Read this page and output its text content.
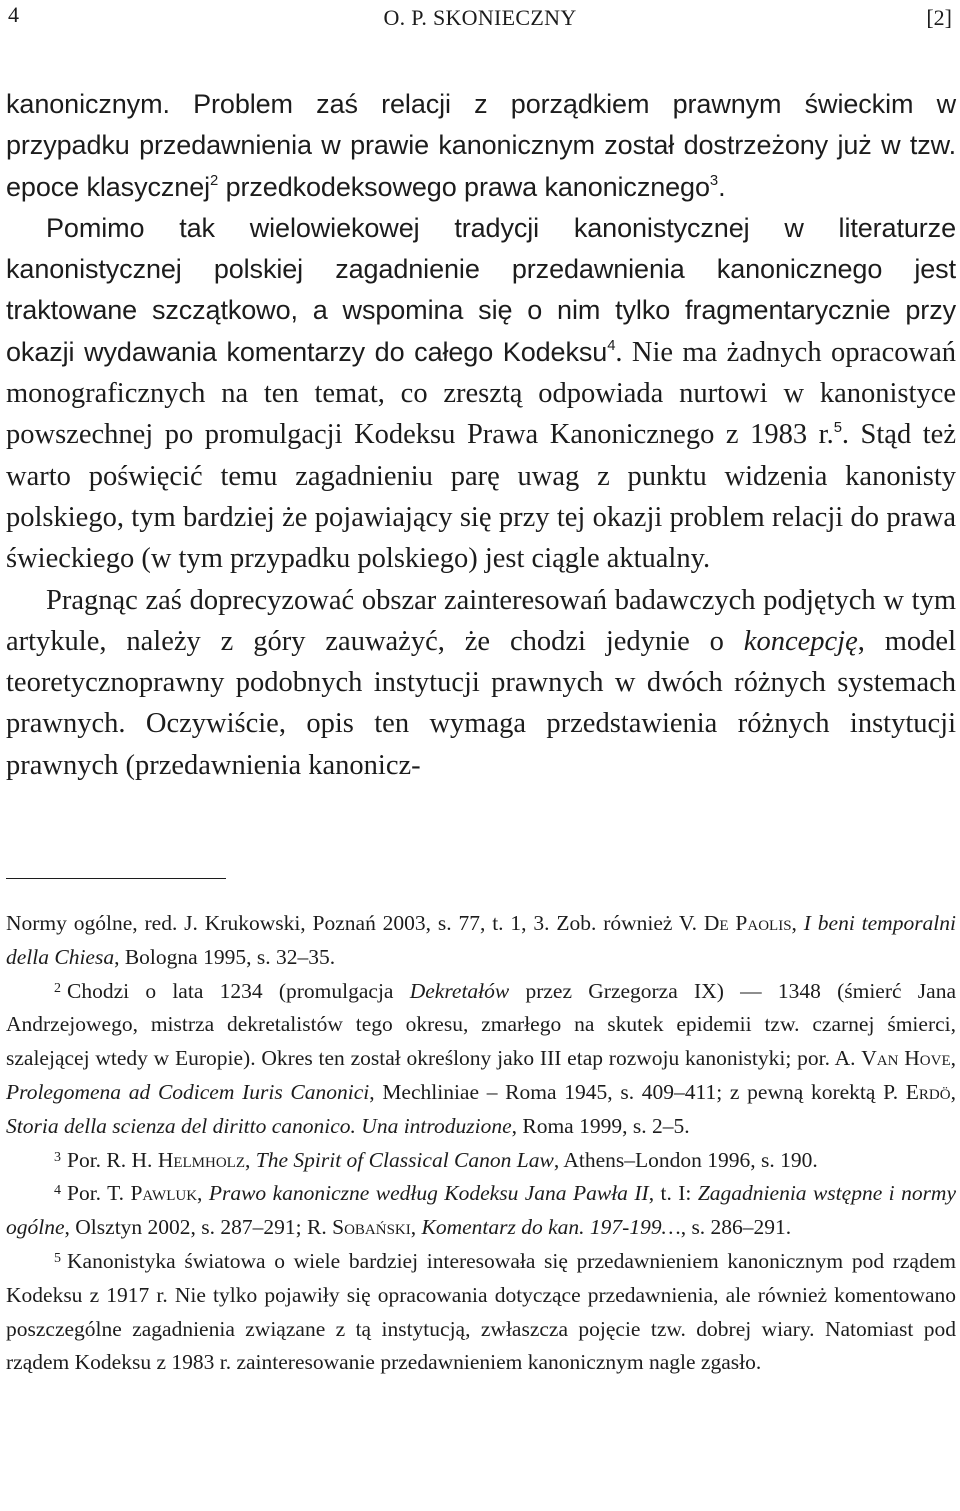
4	O. P. SKONIECZNY	[2]

kanonicznym. Problem zaś relacji z porządkiem prawnym świeckim w przypadku przedawnienia w prawie kanonicznym został dostrzeżony już w tzw. epoce klasycznej$^2$ przedkodeksowego prawa kanonicznego$^3$.

Pomimo tak wielowiekowej tradycji kanonistycznej w literaturze kanonistycznej polskiej zagadnienie przedawnienia kanonicznego jest traktowane szczątkowo, a wspomina się o nim tylko fragmentarycznie przy okazji wydawania komentarzy do całego Kodeksu$^4$. Nie ma żadnych opracowań monograficznych na ten temat, co zresztą odpowiada nurtowi w kanonistyce powszechnej po promulgacji Kodeksu Prawa Kanonicznego z 1983 r.$^5$. Stąd też warto poświęcić temu zagadnieniu parę uwag z punktu widzenia kanonisty polskiego, tym bardziej że pojawiający się przy tej okazji problem relacji do prawa świeckiego (w tym przypadku polskiego) jest ciągle aktualny.

Pragnąc zaś doprecyzować obszar zainteresowań badawczych podjętych w tym artykule, należy z góry zauważyć, że chodzi jedynie o koncepcję, model teoretycznoprawny podobnych instytucji prawnych w dwóch różnych systemach prawnych. Oczywiście, opis ten wymaga przedstawienia różnych instytucji prawnych (przedawnienia kanonicz-

Normy ogólne, red. J. Krukowski, Poznań 2003, s. 77, t. 1, 3. Zob. również V. De Paolis, I beni temporalni della Chiesa, Bologna 1995, s. 32–35.

$^2$ Chodzi o lata 1234 (promulgacja Dekretałów przez Grzegorza IX) — 1348 (śmierć Jana Andrzejowego, mistrza dekretalistów tego okresu, zmarłego na skutek epidemii tzw. czarnej śmierci, szalejącej wtedy w Europie). Okres ten został określony jako III etap rozwoju kanonistyki; por. A. Van Hove, Prolegomena ad Codicem Iuris Canonici, Mechliniae – Roma 1945, s. 409–411; z pewną korektą P. Erdö, Storia della scienza del diritto canonico. Una introduzione, Roma 1999, s. 2–5.

$^3$ Por. R. H. Helmholz, The Spirit of Classical Canon Law, Athens–London 1996, s. 190.

$^4$ Por. T. Pawluk, Prawo kanoniczne według Kodeksu Jana Pawła II, t. I: Zagadnienia wstępne i normy ogólne, Olsztyn 2002, s. 287–291; R. Sobański, Komentarz do kan. 197-199…, s. 286–291.

$^5$ Kanonistyka światowa o wiele bardziej interesowała się przedawnieniem kanonicznym pod rządem Kodeksu z 1917 r. Nie tylko pojawiły się opracowania dotyczące przedawnienia, ale również komentowano poszczególne zagadnienia związane z tą instytucją, zwłaszcza pojęcie tzw. dobrej wiary. Natomiast pod rządem Kodeksu z 1983 r. zainteresowanie przedawnieniem kanonicznym nagle zgasło.
